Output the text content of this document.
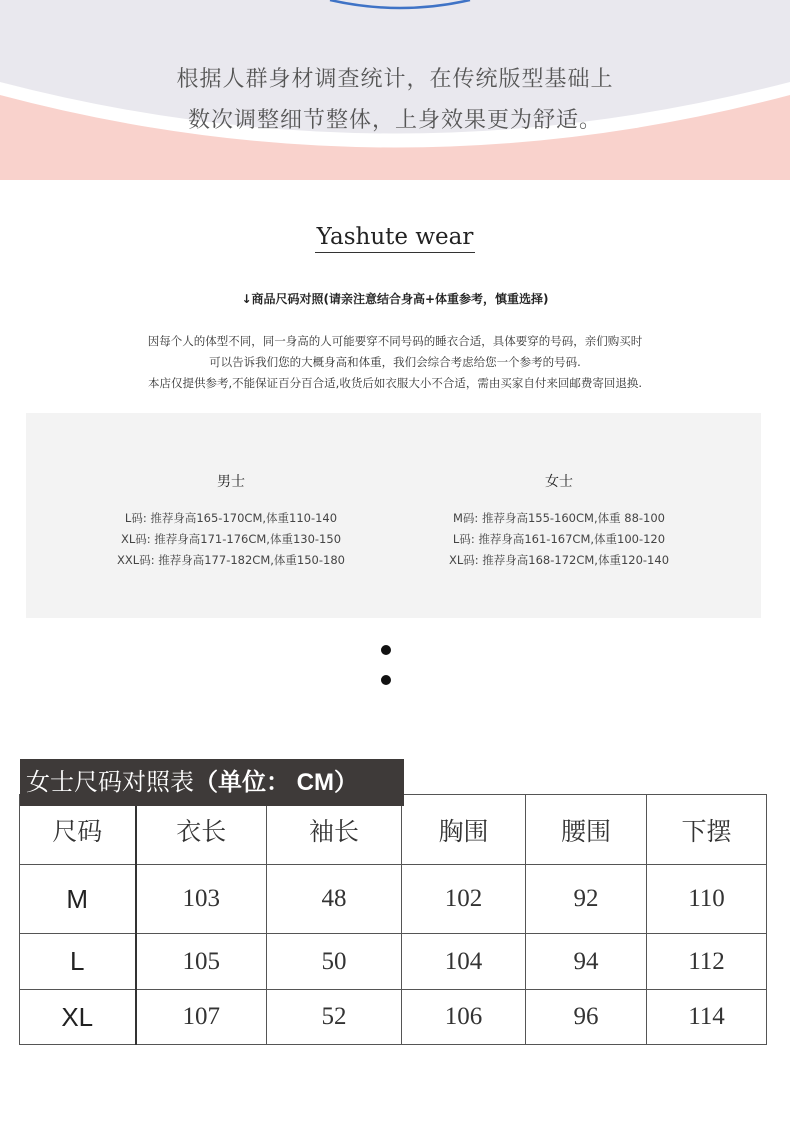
根据人群身材调查统计，在传统版型基础上
数次调整细节整体，上身效果更为舒适。
Yashute wear
↓商品尺码对照(请亲注意结合身高+体重参考，慎重选择)
因每个人的体型不同，同一身高的人可能要穿不同号码的睡衣合适，具体要穿的号码，亲们购买时
可以告诉我们您的大概身高和体重，我们会综合考虑给您一个参考的号码.
本店仅提供参考,不能保证百分百合适,收货后如衣服大小不合适，需由买家自付来回邮费寄回退换.
男士
L码: 推荐身高165-170CM,体重110-140
XL码: 推荐身高171-176CM,体重130-150
XXL码: 推荐身高177-182CM,体重150-180
女士
M码: 推荐身高155-160CM,体重 88-100
L码: 推荐身高161-167CM,体重100-120
XL码: 推荐身高168-172CM,体重120-140
尺码	衣长	袖长	胸围	腰围	下摆
M	103	48	102	92	110
L	105	50	104	94	112
XL	107	52	106	96	114
女士尺码对照表（单位： CM）
